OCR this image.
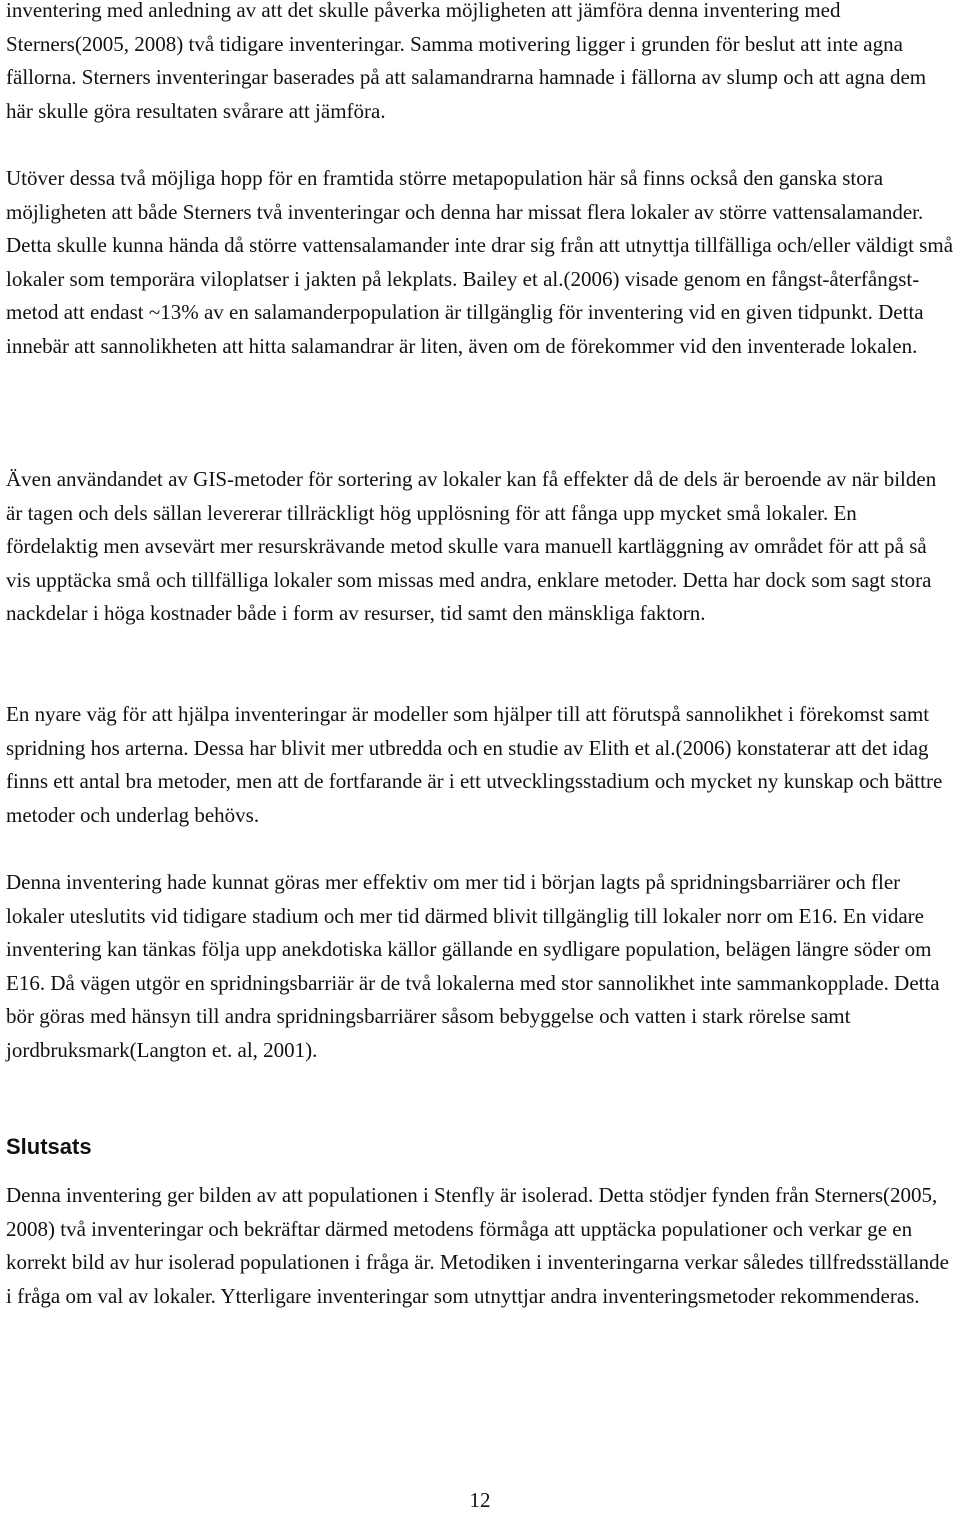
inventering med anledning av att det skulle påverka möjligheten att jämföra denna inventering med Sterners(2005, 2008) två tidigare inventeringar. Samma motivering ligger i grunden för beslut att inte agna fällorna. Sterners inventeringar baserades på att salamandrarna hamnade i fällorna av slump och att agna dem här skulle göra resultaten svårare att jämföra.

Utöver dessa två möjliga hopp för en framtida större metapopulation här så finns också den ganska stora möjligheten att både Sterners två inventeringar och denna har missat flera lokaler av större vattensalamander. Detta skulle kunna hända då större vattensalamander inte drar sig från att utnyttja tillfälliga och/eller väldigt små lokaler som temporära viloplatser i jakten på lekplats. Bailey et al.(2006) visade genom en fångst-återfångst-metod att endast ~13% av en salamanderpopulation är tillgänglig för inventering vid en given tidpunkt. Detta innebär att sannolikheten att hitta salamandrar är liten, även om de förekommer vid den inventerade lokalen.

Även användandet av GIS-metoder för sortering av lokaler kan få effekter då de dels är beroende av när bilden är tagen och dels sällan levererar tillräckligt hög upplösning för att fånga upp mycket små lokaler. En fördelaktig men avsevärt mer resurskrävande metod skulle vara manuell kartläggning av området för att på så vis upptäcka små och tillfälliga lokaler som missas med andra, enklare metoder. Detta har dock som sagt stora nackdelar i höga kostnader både i form av resurser, tid samt den mänskliga faktorn.

En nyare väg för att hjälpa inventeringar är modeller som hjälper till att förutspå sannolikhet i förekomst samt spridning hos arterna. Dessa har blivit mer utbredda och en studie av Elith et al.(2006) konstaterar att det idag finns ett antal bra metoder, men att de fortfarande är i ett utvecklingsstadium och mycket ny kunskap och bättre metoder och underlag behövs.

Denna inventering hade kunnat göras mer effektiv om mer tid i början lagts på spridningsbarriärer och fler lokaler uteslutits vid tidigare stadium och mer tid därmed blivit tillgänglig till lokaler norr om E16. En vidare inventering kan tänkas följa upp anekdotiska källor gällande en sydligare population, belägen längre söder om E16. Då vägen utgör en spridningsbarriär är de två lokalerna med stor sannolikhet inte sammankopplade. Detta bör göras med hänsyn till andra spridningsbarriärer såsom bebyggelse och vatten i stark rörelse samt jordbruksmark(Langton et. al, 2001).

Slutsats

Denna inventering ger bilden av att populationen i Stenfly är isolerad. Detta stödjer fynden från Sterners(2005, 2008) två inventeringar och bekräftar därmed metodens förmåga att upptäcka populationer och verkar ge en korrekt bild av hur isolerad populationen i fråga är. Metodiken i inventeringarna verkar således tillfredsställande i fråga om val av lokaler. Ytterligare inventeringar som utnyttjar andra inventeringsmetoder rekommenderas.

12
